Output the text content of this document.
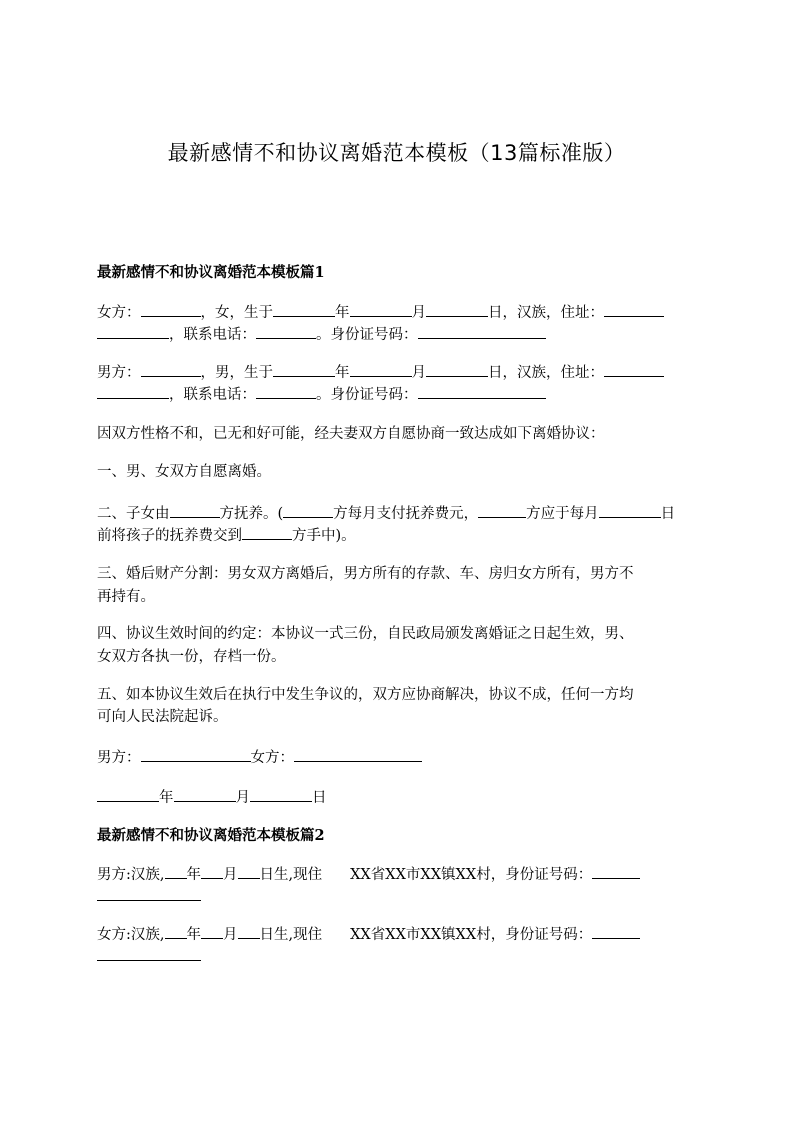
最新感情不和协议离婚范本模板（13篇标准版）
最新感情不和协议离婚范本模板篇1
女方：	，女，生于	年	月	日，汉族，住址：
，联系电话：	。身份证号码：
男方：	，男，生于	年	月	日，汉族，住址：
，联系电话：	。身份证号码：
因双方性格不和，已无和好可能，经夫妻双方自愿协商一致达成如下离婚协议：
一、男、女双方自愿离婚。
二、子女由	方抚养。(	方每月支付抚养费元，	方应于每月	日
前将孩子的抚养费交到	方手中)。
三、婚后财产分割：男女双方离婚后，男方所有的存款、车、房归女方所有，男方不
再持有。
四、协议生效时间的约定：本协议一式三份，自民政局颁发离婚证之日起生效，男、
女双方各执一份，存档一份。
五、如本协议生效后在执行中发生争议的，双方应协商解决，协议不成，任何一方均
可向人民法院起诉。
男方：	女方：
年	月	日
最新感情不和协议离婚范本模板篇2
男方:汉族, 年 月 日生,现住 XX省XX市XX镇XX村，身份证号码：
女方:汉族, 年 月 日生,现住 XX省XX市XX镇XX村，身份证号码：
